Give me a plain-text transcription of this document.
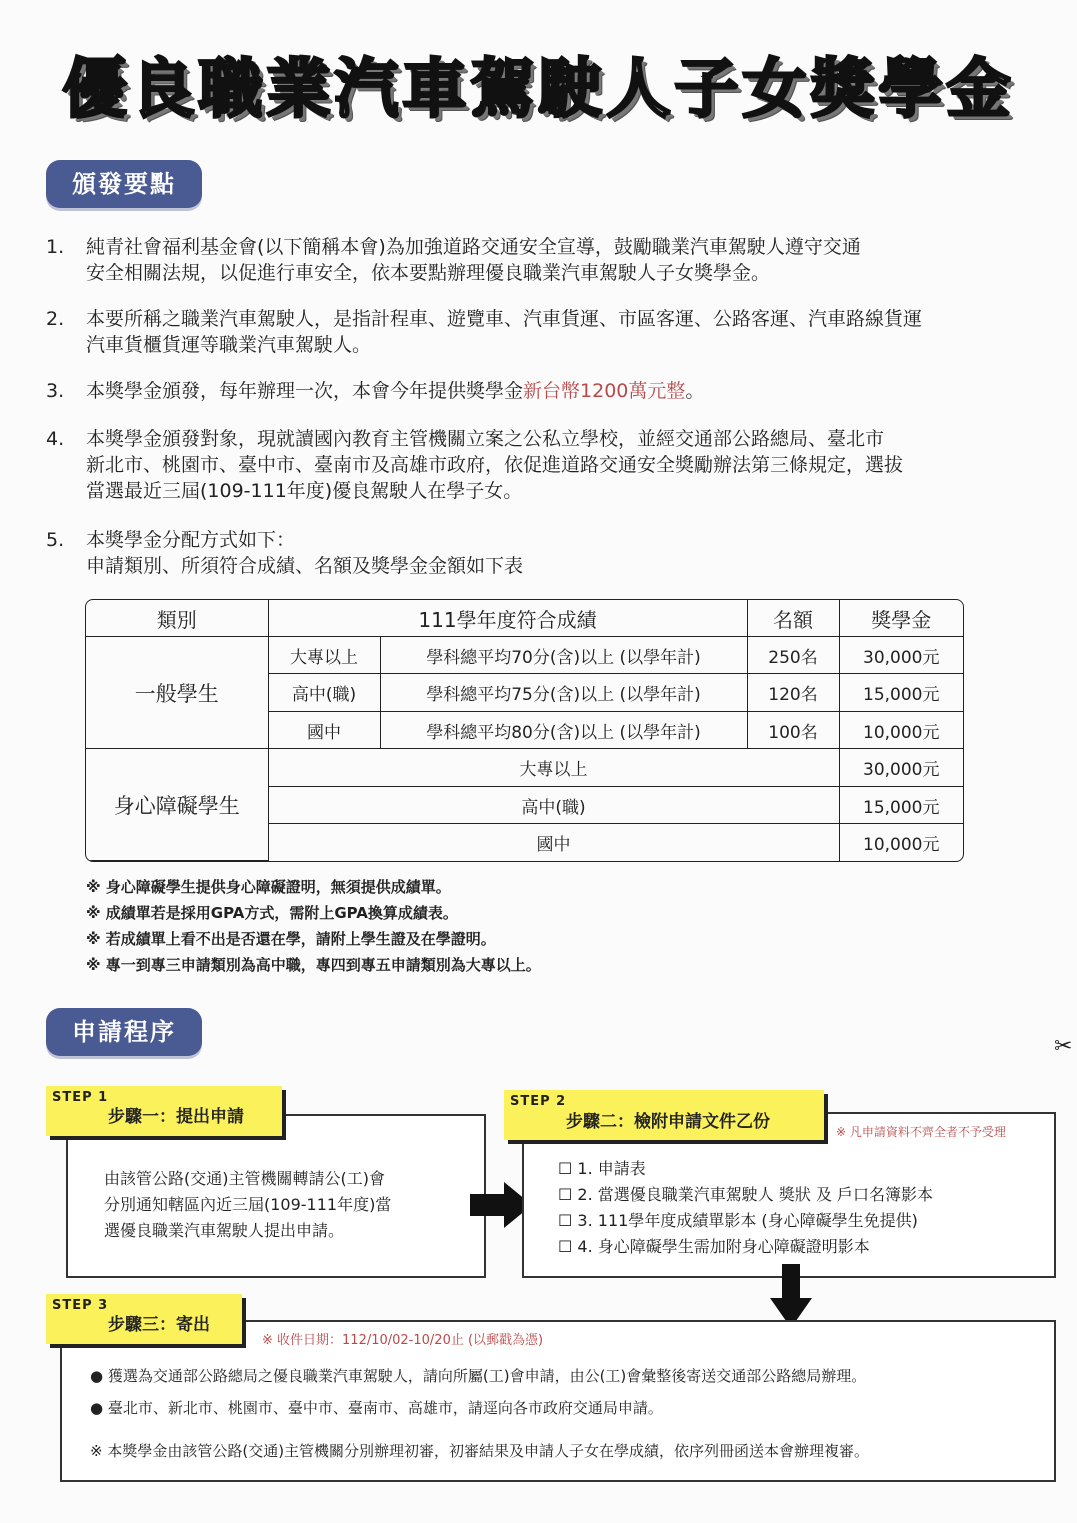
優良職業汽車駕駛人子女獎學金
頒發要點
1.	純青社會福利基金會(以下簡稱本會)為加強道路交通安全宣導，鼓勵職業汽車駕駛人遵守交通
安全相關法規，以促進行車安全，依本要點辦理優良職業汽車駕駛人子女獎學金。
2.	本要所稱之職業汽車駕駛人，是指計程車、遊覽車、汽車貨運、市區客運、公路客運、汽車路線貨運
汽車貨櫃貨運等職業汽車駕駛人。
3.	本獎學金頒發，每年辦理一次，本會今年提供獎學金新台幣1200萬元整。
4.	本獎學金頒發對象，現就讀國內教育主管機關立案之公私立學校，並經交通部公路總局、臺北市
新北市、桃園市、臺中市、臺南市及高雄市政府，依促進道路交通安全獎勵辦法第三條規定，選拔
當選最近三屆(109-111年度)優良駕駛人在學子女。
5.	本獎學金分配方式如下：
申請類別、所須符合成績、名額及獎學金金額如下表
類別	111學年度符合成績		名額	獎學金
一般學生	大專以上	學科總平均70分(含)以上 (以學年計)	250名	30,000元
	高中(職)	學科總平均75分(含)以上 (以學年計)	120名	15,000元
	國中	學科總平均80分(含)以上 (以學年計)	100名	10,000元
身心障礙學生	大專以上			30,000元
	高中(職)			15,000元
	國中			10,000元
※ 身心障礙學生提供身心障礙證明，無須提供成績單。
※ 成績單若是採用GPA方式，需附上GPA換算成績表。
※ 若成績單上看不出是否還在學，請附上學生證及在學證明。
※ 專一到專三申請類別為高中職，專四到專五申請類別為大專以上。
申請程序
✂
由該管公路(交通)主管機關轉請公(工)會
分別通知轄區內近三屆(109-111年度)當
選優良職業汽車駕駛人提出申請。
STEP 1
步驟一：提出申請
☐ 1. 申請表
☐ 2. 當選優良職業汽車駕駛人 獎狀 及 戶口名簿影本
☐ 3. 111學年度成績單影本 (身心障礙學生免提供)
☐ 4. 身心障礙學生需加附身心障礙證明影本
※ 凡申請資料不齊全者不予受理
STEP 2
步驟二：檢附申請文件乙份
● 獲選為交通部公路總局之優良職業汽車駕駛人，請向所屬(工)會申請，由公(工)會彙整後寄送交通部公路總局辦理。
● 臺北市、新北市、桃園市、臺中市、臺南市、高雄市，請逕向各市政府交通局申請。
※ 本獎學金由該管公路(交通)主管機關分別辦理初審，初審結果及申請人子女在學成績，依序列冊函送本會辦理複審。
※ 收件日期：112/10/02-10/20止 (以郵戳為憑)
STEP 3
步驟三：寄出
